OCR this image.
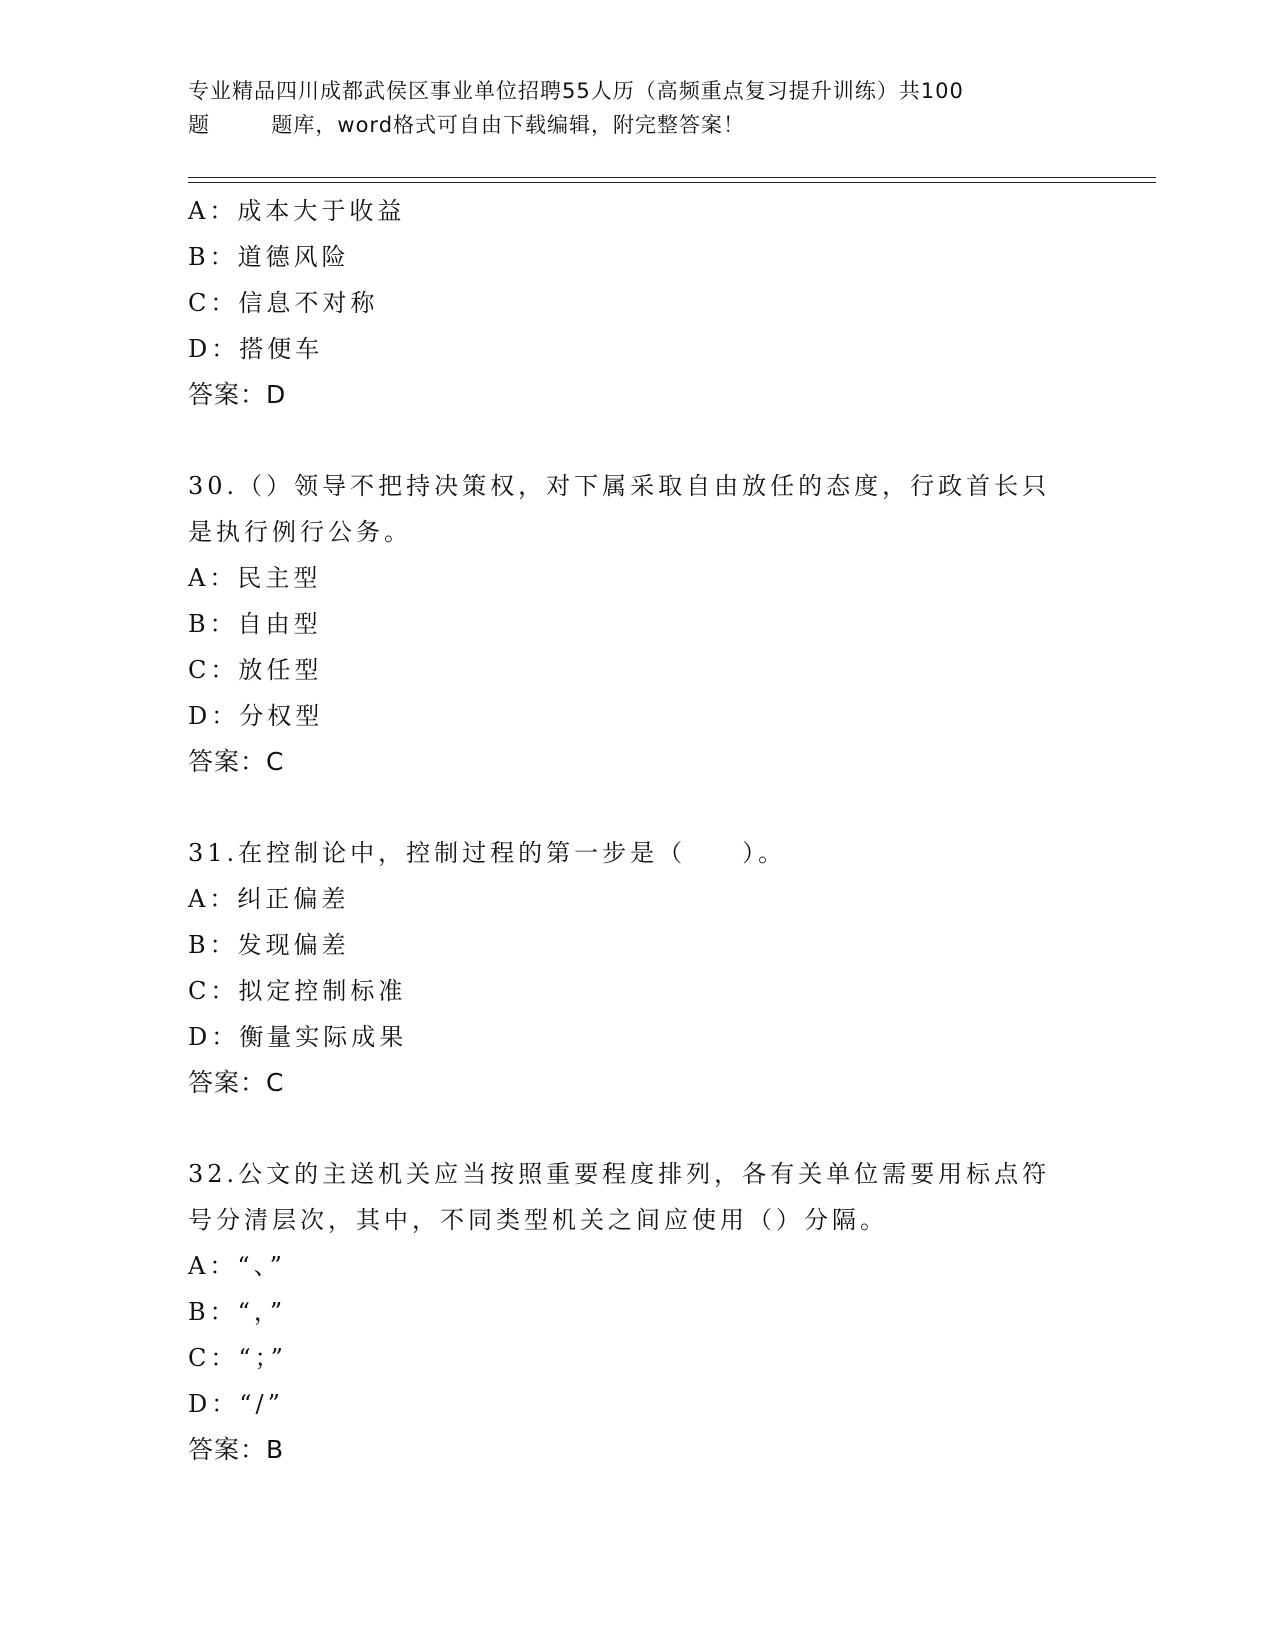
专业精品四川成都武侯区事业单位招聘55人历（高频重点复习提升训练）共100
题        题库，word格式可自由下载编辑，附完整答案！
A：成本大于收益
B：道德风险
C：信息不对称
D：搭便车
答案：D
30.（）领导不把持决策权，对下属采取自由放任的态度，行政首长只
是执行例行公务。
A：民主型
B：自由型
C：放任型
D：分权型
答案：C
31.在控制论中，控制过程的第一步是（　　）。
A：纠正偏差
B：发现偏差
C：拟定控制标准
D：衡量实际成果
答案：C
32.公文的主送机关应当按照重要程度排列，各有关单位需要用标点符
号分清层次，其中，不同类型机关之间应使用（）分隔。
A：“、”
B：“，”
C：“；”
D：“/”
答案：B
